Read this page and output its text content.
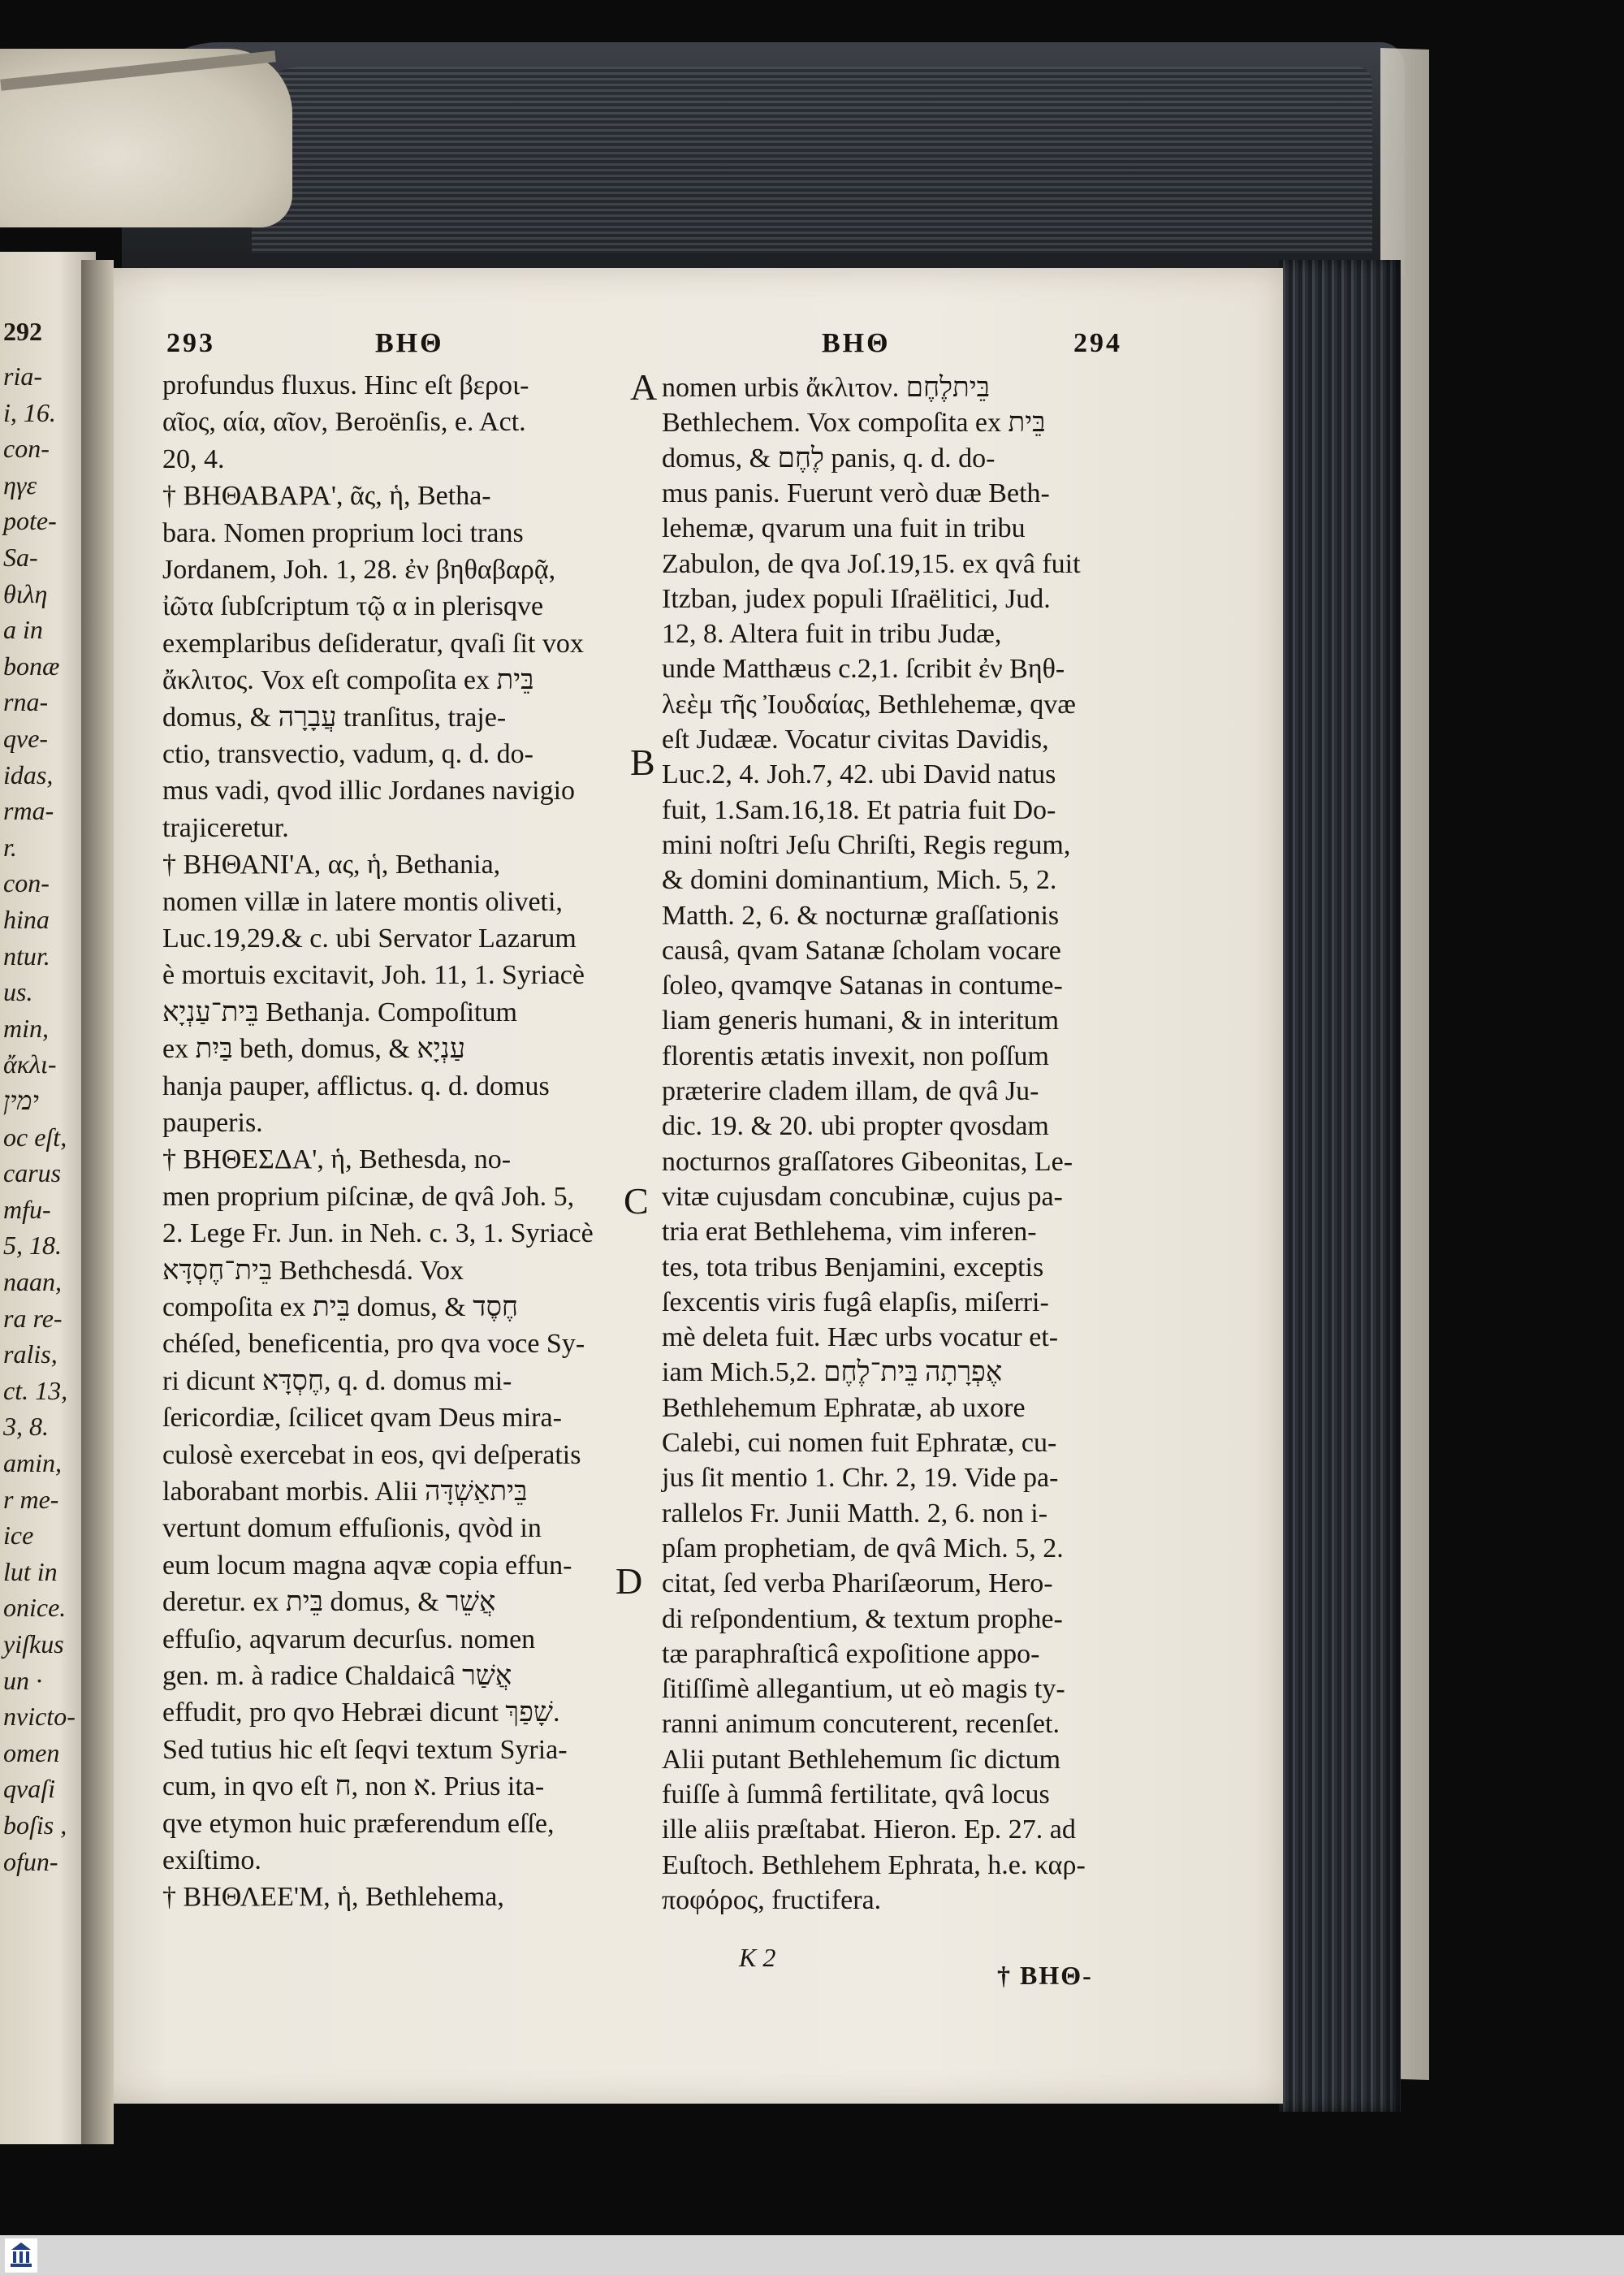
292
ria-
i, 16.
con-
ηγε
pote-
Sa-
θιλη
a in
bonæ
rna-
qve-
idas,
rma-
r.
con-
hina
ntur.
us.
min,
ἄκλι-
ימין
oc eſt,
carus
mfu-
5, 18.
naan,
ra re-
ralis,
ct. 13,
3, 8.
amin,
r me-
ice
lut in
onice.
yiſkus
un ·
nvicto-
omen
qvaſi
boſis ,
ofun-
293	ΒΗΘ	ΒΗΘ	294
profundus fluxus. Hinc eſt βεροι-
αῖος, αία, αῖον, Beroënſis, e. Act.
20, 4.
† ΒΗΘΑΒΑΡΑ', ᾶς, ἡ, Betha-
bara. Nomen proprium loci trans
Jordanem, Joh. 1, 28. ἐν βηθαβαρᾷ,
ἰῶτα ſubſcriptum τῷ α in plerisqve
exemplaribus deſideratur, qvaſi ſit vox
ἄκλιτος. Vox eſt compoſita ex בֵּית
domus, & עֲבָרָה tranſitus, traje-
ctio, transvectio, vadum, q. d. do-
mus vadi, qvod illic Jordanes navigio
trajiceretur.
† ΒΗΘΑΝΙ'Α, ας, ἡ, Bethania,
nomen villæ in latere montis oliveti,
Luc.19,29.& c. ubi Servator Lazarum
è mortuis excitavit, Joh. 11, 1. Syriacè
בֵּית־עַנְיָא Bethanja. Compoſitum
ex בַּיִת beth, domus, & עַנְיָא
hanja pauper, afflictus. q. d. domus
pauperis.
† ΒΗΘΕΣΔΑ', ἡ, Bethesda, no-
men proprium piſcinæ, de qvâ Joh. 5,
2. Lege Fr. Jun. in Neh. c. 3, 1. Syriacè
בֵּית־חֶסְדָּא Bethchesdá. Vox
compoſita ex בֵּית domus, & חֶסֶד
chéſed, beneficentia, pro qva voce Sy-
ri dicunt חֶסְדָּא, q. d. domus mi-
ſericordiæ, ſcilicet qvam Deus mira-
culosè exercebat in eos, qvi deſperatis
laborabant morbis. Alii בֵּיתאַשְׁדָּה
vertunt domum effuſionis, qvòd in
eum locum magna aqvæ copia effun-
deretur. ex בֵּית domus, & אֲשֵׁר
effuſio, aqvarum decurſus. nomen
gen. m. à radice Chaldaicâ אֲשַׁר
effudit, pro qvo Hebræi dicunt שָׁפַךְ.
Sed tutius hic eſt ſeqvi textum Syria-
cum, in qvo eſt ח, non א. Prius ita-
qve etymon huic præferendum eſſe,
exiſtimo.
† ΒΗΘΛΕΕ'Μ, ἡ, Bethlehema,
nomen urbis ἄκλιτον. בֵּיתלֶחֶם
Bethlechem. Vox compoſita ex בֵּית
domus, & לֶחֶם panis, q. d. do-
mus panis. Fuerunt verò duæ Beth-
lehemæ, qvarum una fuit in tribu
Zabulon, de qva Joſ.19,15. ex qvâ fuit
Itzban, judex populi Iſraëlitici, Jud.
12, 8. Altera fuit in tribu Judæ,
unde Matthæus c.2,1. ſcribit ἐν Βηθ-
λεὲμ τῆς Ἰουδαίας, Bethlehemæ, qvæ
eſt Judææ. Vocatur civitas Davidis,
Luc.2, 4. Joh.7, 42. ubi David natus
fuit, 1.Sam.16,18. Et patria fuit Do-
mini noſtri Jeſu Chriſti, Regis regum,
& domini dominantium, Mich. 5, 2.
Matth. 2, 6. & nocturnæ graſſationis
causâ, qvam Satanæ ſcholam vocare
ſoleo, qvamqve Satanas in contume-
liam generis humani, & in interitum
florentis ætatis invexit, non poſſum
præterire cladem illam, de qvâ Ju-
dic. 19. & 20. ubi propter qvosdam
nocturnos graſſatores Gibeonitas, Le-
vitæ cujusdam concubinæ, cujus pa-
tria erat Bethlehema, vim inferen-
tes, tota tribus Benjamini, exceptis
ſexcentis viris fugâ elapſis, miſerri-
mè deleta fuit. Hæc urbs vocatur et-
iam Mich.5,2. אֶפְרָתָה בֵּית־לֶחֶם
Bethlehemum Ephratæ, ab uxore
Calebi, cui nomen fuit Ephratæ, cu-
jus ſit mentio 1. Chr. 2, 19. Vide pa-
rallelos Fr. Junii Matth. 2, 6. non i-
pſam prophetiam, de qvâ Mich. 5, 2.
citat, ſed verba Phariſæorum, Hero-
di reſpondentium, & textum prophe-
tæ paraphraſticâ expoſitione appo-
ſitiſſimè allegantium, ut eò magis ty-
ranni animum concuterent, recenſet.
Alii putant Bethlehemum ſic dictum
fuiſſe à ſummâ fertilitate, qvâ locus
ille aliis præſtabat. Hieron. Ep. 27. ad
Euſtoch. Bethlehem Ephrata, h.e. καρ-
ποφόρος, fructifera.
A
B
C
D
K 2
† ΒΗΘ-
